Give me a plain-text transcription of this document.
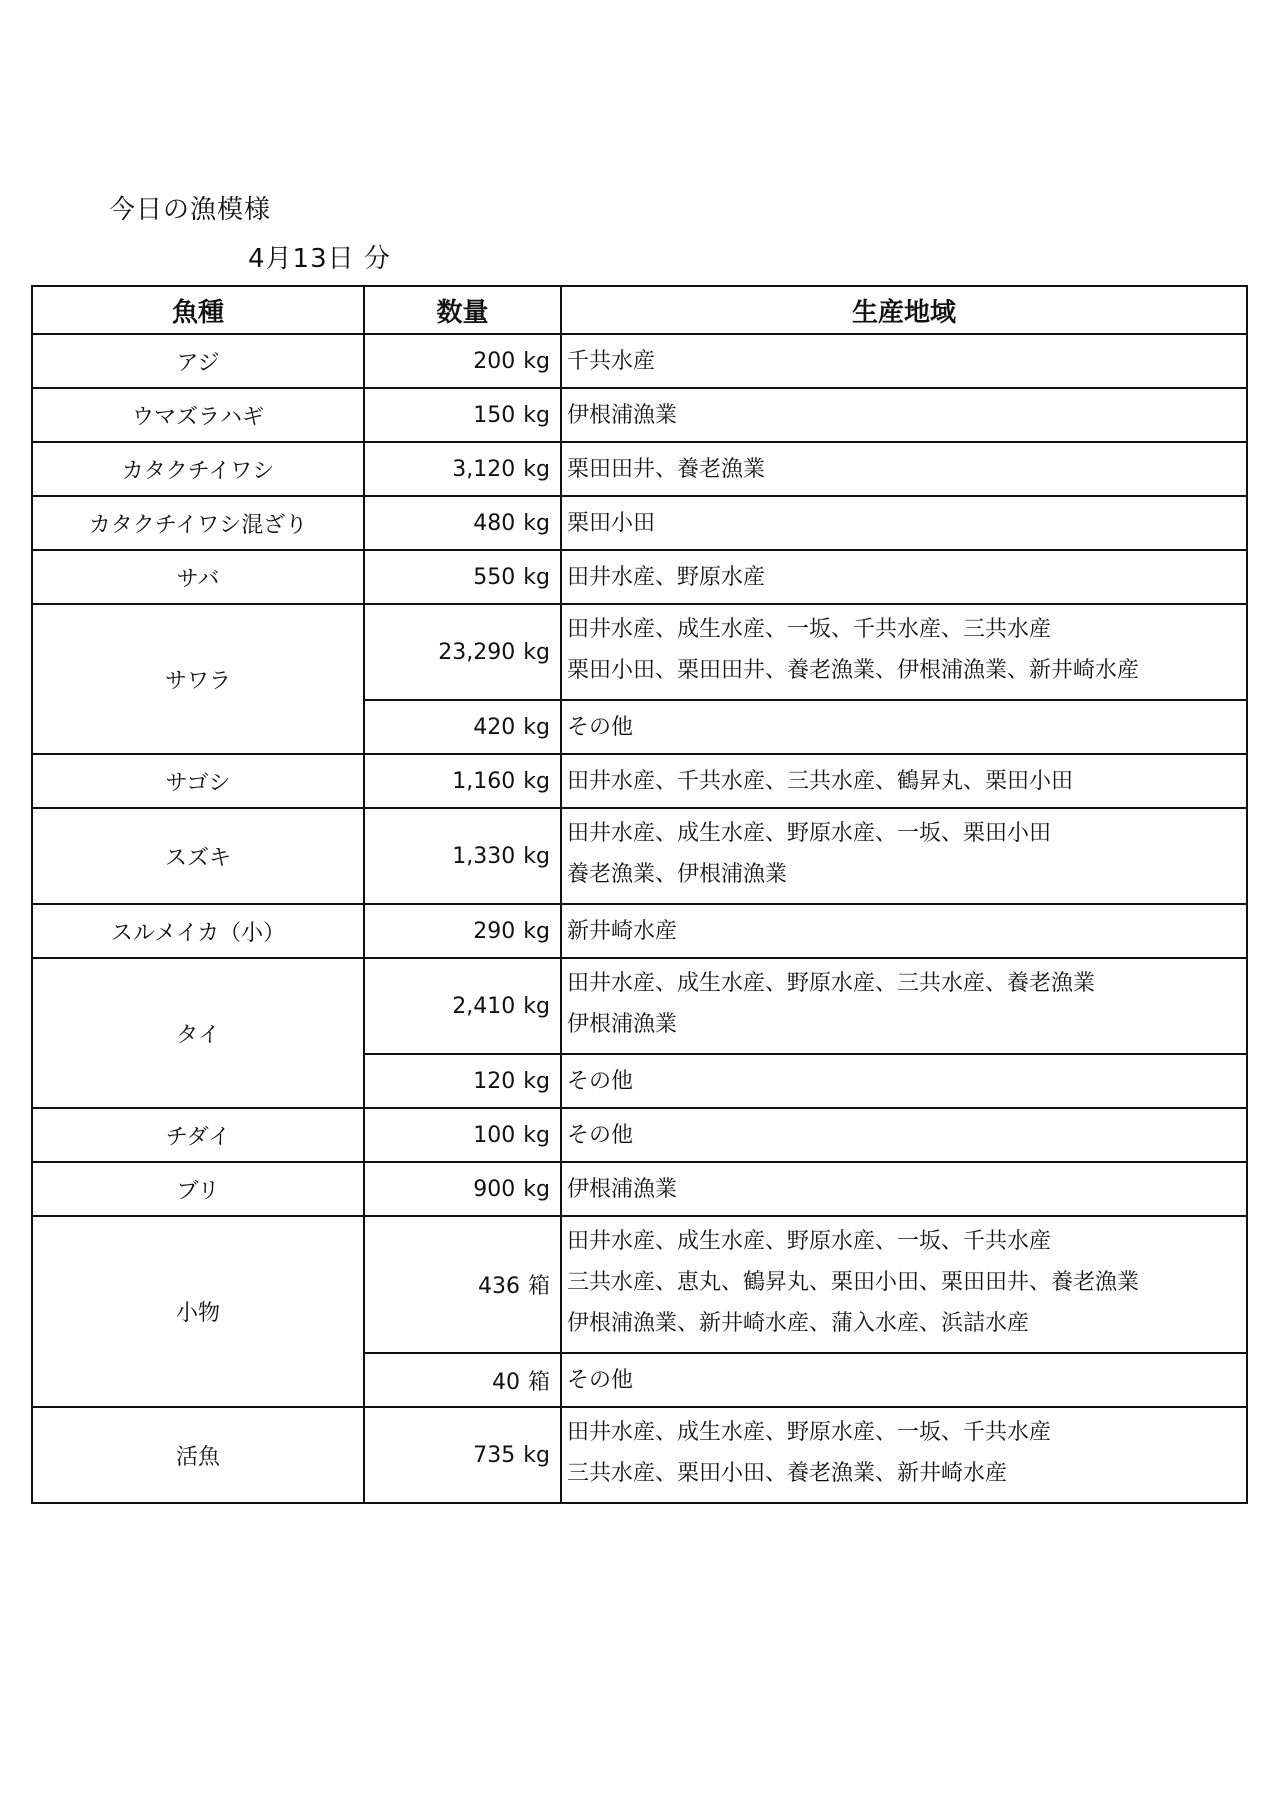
今日の漁模様
4月13日 分
魚種	数量	生産地域
アジ	200 kg	千共水産

ウマズラハギ	150 kg	伊根浦漁業

カタクチイワシ	3,120 kg	栗田田井、養老漁業

カタクチイワシ混ざり	480 kg	栗田小田

サバ	550 kg	田井水産、野原水産

サワラ	23,290 kg	田井水産、成生水産、一坂、千共水産、三共水産
栗田小田、栗田田井、養老漁業、伊根浦漁業、新井崎水産

	420 kg	その他

サゴシ	1,160 kg	田井水産、千共水産、三共水産、鶴昇丸、栗田小田

スズキ	1,330 kg	田井水産、成生水産、野原水産、一坂、栗田小田
養老漁業、伊根浦漁業

スルメイカ（小）	290 kg	新井崎水産

タイ	2,410 kg	田井水産、成生水産、野原水産、三共水産、養老漁業
伊根浦漁業

	120 kg	その他

チダイ	100 kg	その他

ブリ	900 kg	伊根浦漁業

小物	436 箱	田井水産、成生水産、野原水産、一坂、千共水産
三共水産、恵丸、鶴昇丸、栗田小田、栗田田井、養老漁業
伊根浦漁業、新井崎水産、蒲入水産、浜詰水産

	40 箱	その他

活魚	735 kg	田井水産、成生水産、野原水産、一坂、千共水産
三共水産、栗田小田、養老漁業、新井崎水産
